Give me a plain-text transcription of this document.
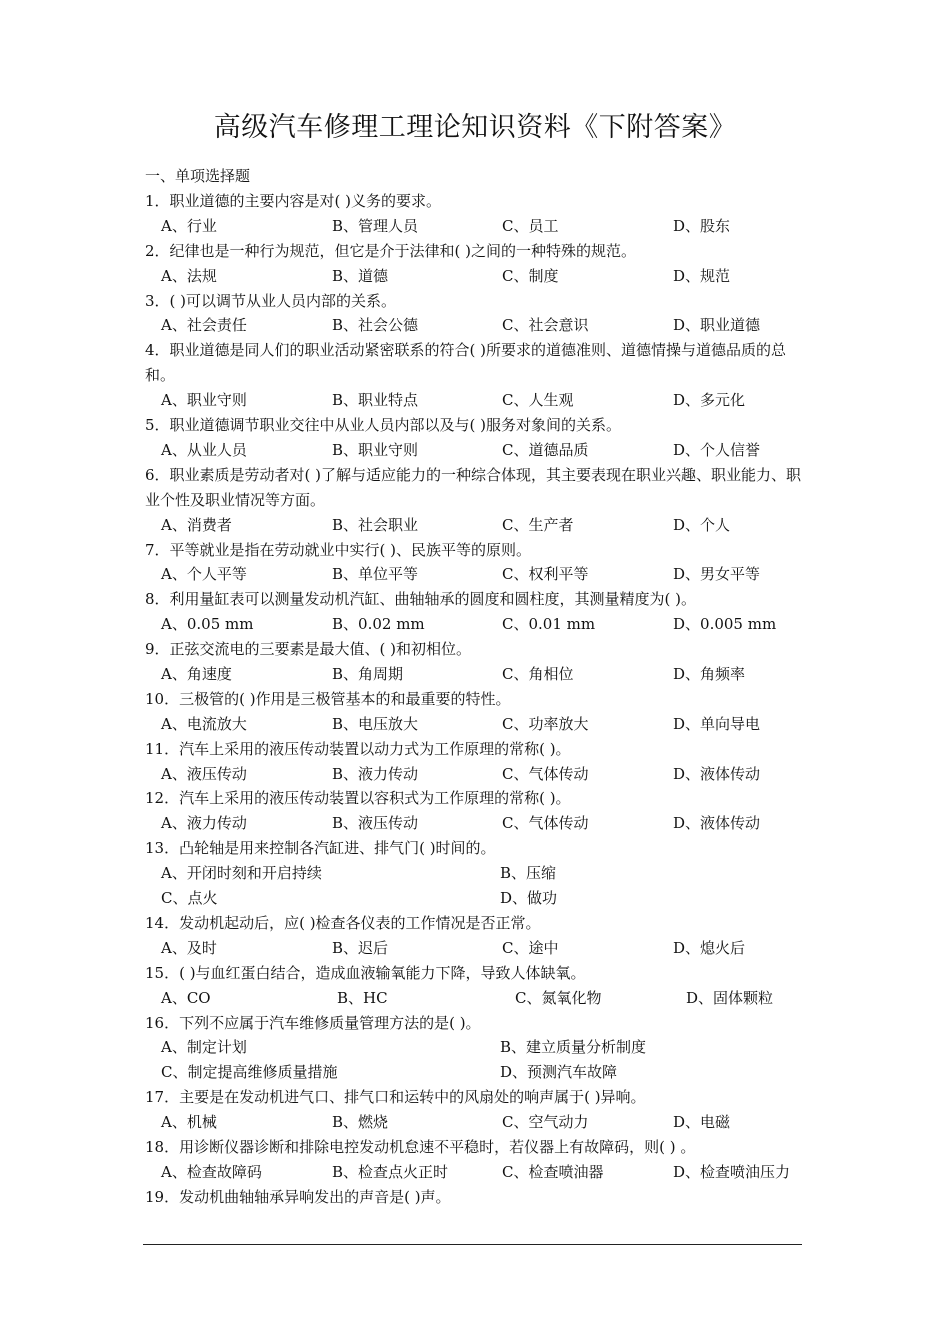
高级汽车修理工理论知识资料《下附答案》
一、单项选择题
1．职业道德的主要内容是对( )义务的要求。
A、行业	B、管理人员	C、员工	D、股东
2．纪律也是一种行为规范，但它是介于法律和( )之间的一种特殊的规范。
A、法规	B、道德	C、制度	D、规范
3．( )可以调节从业人员内部的关系。
A、社会责任	B、社会公德	C、社会意识	D、职业道德
4．职业道德是同人们的职业活动紧密联系的符合( )所要求的道德准则、道德情操与道德品质的总和。
A、职业守则	B、职业特点	C、人生观	D、多元化
5．职业道德调节职业交往中从业人员内部以及与( )服务对象间的关系。
A、从业人员	B、职业守则	C、道德品质	D、个人信誉
6．职业素质是劳动者对( )了解与适应能力的一种综合体现，其主要表现在职业兴趣、职业能力、职业个性及职业情况等方面。
A、消费者	B、社会职业	C、生产者	D、个人
7．平等就业是指在劳动就业中实行( )、民族平等的原则。
A、个人平等	B、单位平等	C、权利平等	D、男女平等
8．利用量缸表可以测量发动机汽缸、曲轴轴承的圆度和圆柱度，其测量精度为( )。
A、0.05 mm	B、0.02 mm	C、0.01 mm	D、0.005 mm
9．正弦交流电的三要素是最大值、( )和初相位。
A、角速度	B、角周期	C、角相位	D、角频率
10．三极管的( )作用是三极管基本的和最重要的特性。
A、电流放大	B、电压放大	C、功率放大	D、单向导电
11．汽车上采用的液压传动装置以动力式为工作原理的常称( )。
A、液压传动	B、液力传动	C、气体传动	D、液体传动
12．汽车上采用的液压传动装置以容积式为工作原理的常称( )。
A、液力传动	B、液压传动	C、气体传动	D、液体传动
13．凸轮轴是用来控制各汽缸进、排气门( )时间的。
A、开闭时刻和开启持续	B、压缩
C、点火	D、做功
14．发动机起动后，应( )检查各仪表的工作情况是否正常。
A、及时	B、迟后	C、途中	D、熄火后
15．( )与血红蛋白结合，造成血液输氧能力下降，导致人体缺氧。
A、CO	B、HC	C、氮氧化物	D、固体颗粒
16．下列不应属于汽车维修质量管理方法的是( )。
A、制定计划	B、建立质量分析制度
C、制定提高维修质量措施	D、预测汽车故障
17．主要是在发动机进气口、排气口和运转中的风扇处的响声属于( )异响。
A、机械	B、燃烧	C、空气动力	D、电磁
18．用诊断仪器诊断和排除电控发动机怠速不平稳时，若仪器上有故障码，则( ) 。
A、检查故障码	B、检查点火正时	C、检查喷油器	D、检查喷油压力
19．发动机曲轴轴承异响发出的声音是( )声。
